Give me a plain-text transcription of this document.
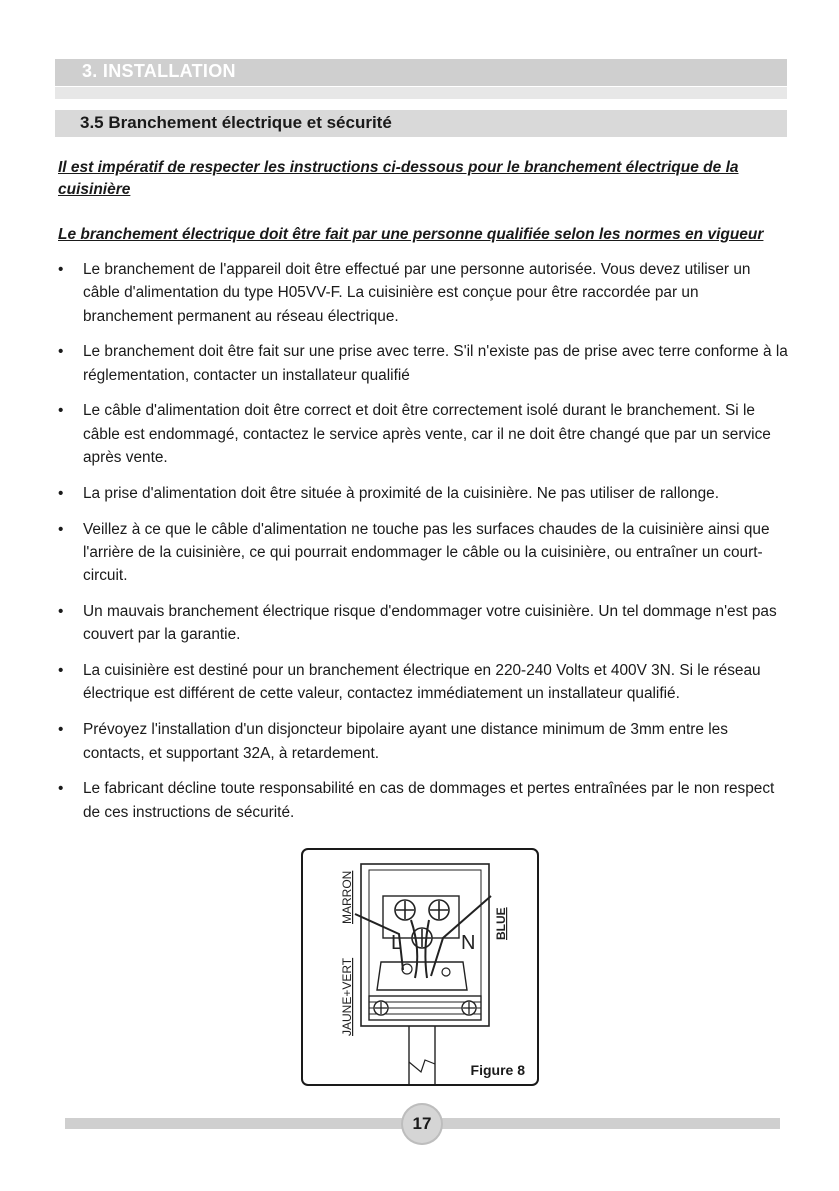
3. INSTALLATION
3.5 Branchement électrique et sécurité
Il est impératif de respecter les instructions ci-dessous pour le branchement électrique de la cuisinière
Le branchement électrique doit être fait par une personne qualifiée selon les normes en vigueur
• Le branchement de l'appareil doit être effectué par une personne autorisée. Vous devez utiliser un câble d'alimentation du type H05VV-F. La cuisinière est conçue pour être raccordée par un branchement permanent au réseau électrique.
• Le branchement doit être fait sur une prise avec terre. S'il n'existe pas de prise avec terre conforme à la réglementation, contacter un installateur qualifié
• Le câble d'alimentation doit être correct et doit être correctement isolé durant le branchement. Si le câble est endommagé, contactez le service après vente, car il ne doit être changé que par un service après vente.
• La prise d'alimentation doit être située à proximité de la cuisinière. Ne pas utiliser de rallonge.
• Veillez à ce que le câble d'alimentation ne touche pas les surfaces chaudes de la cuisinière ainsi que l'arrière de la cuisinière, ce qui pourrait endommager le câble ou la cuisinière, ou entraîner un court-circuit.
• Un mauvais branchement électrique risque d'endommager votre cuisinière. Un tel dommage n'est pas couvert par la garantie.
• La cuisinière est destiné pour un branchement électrique en 220-240 Volts et 400V 3N. Si le réseau électrique est différent de cette valeur, contactez immédiatement un installateur qualifié.
• Prévoyez l'installation d'un disjoncteur bipolaire ayant une distance minimum de 3mm entre les contacts, et supportant 32A, à retardement.
• Le fabricant décline toute responsabilité en cas de dommages et pertes entraînées par le non respect de ces instructions de sécurité.
L	N
MARRON
JAUNE+VERT
BLUE
Figure 8
17
